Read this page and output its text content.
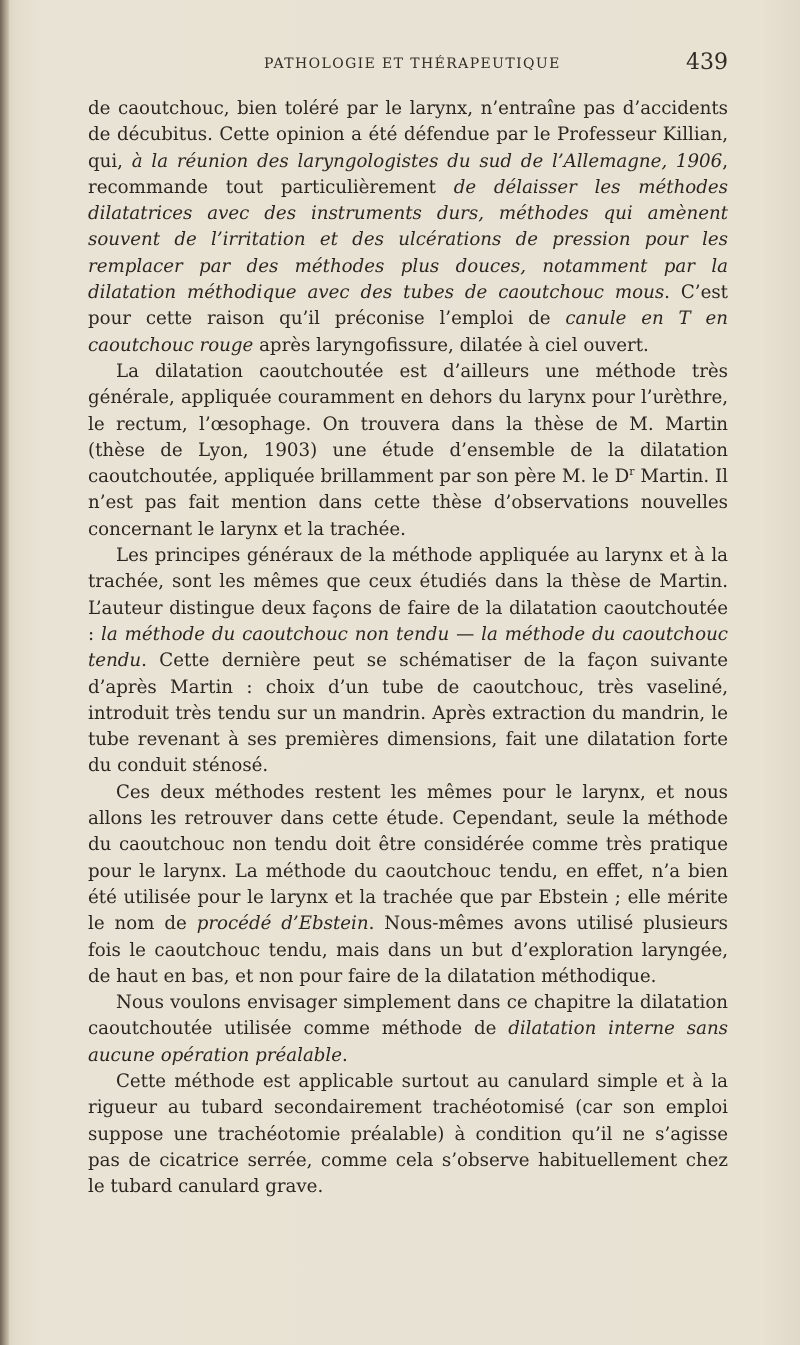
PATHOLOGIE ET THÉRAPEUTIQUE	439

de caoutchouc, bien toléré par le larynx, n’entraîne pas d’accidents de décubitus. Cette opinion a été défendue par le Professeur Killian, qui, à la réunion des laryngologistes du sud de l’Allemagne, 1906, recommande tout particulièrement de délaisser les méthodes dilatatrices avec des instruments durs, méthodes qui amènent souvent de l’irritation et des ulcérations de pression pour les remplacer par des méthodes plus douces, notamment par la dilatation méthodique avec des tubes de caoutchouc mous. C’est pour cette raison qu’il préconise l’emploi de canule en T en caoutchouc rouge après laryngofissure, dilatée à ciel ouvert.

La dilatation caoutchoutée est d’ailleurs une méthode très générale, appliquée couramment en dehors du larynx pour l’urèthre, le rectum, l’œsophage. On trouvera dans la thèse de M. Martin (thèse de Lyon, 1903) une étude d’ensemble de la dilatation caoutchoutée, appliquée brillamment par son père M. le $D^r$ Martin. Il n’est pas fait mention dans cette thèse d’observations nouvelles concernant le larynx et la trachée.

Les principes généraux de la méthode appliquée au larynx et à la trachée, sont les mêmes que ceux étudiés dans la thèse de Martin. L’auteur distingue deux façons de faire de la dilatation caoutchoutée : la méthode du caoutchouc non tendu — la méthode du caoutchouc tendu. Cette dernière peut se schématiser de la façon suivante d’après Martin : choix d’un tube de caoutchouc, très vaseliné, introduit très tendu sur un mandrin. Après extraction du mandrin, le tube revenant à ses premières dimensions, fait une dilatation forte du conduit sténosé.

Ces deux méthodes restent les mêmes pour le larynx, et nous allons les retrouver dans cette étude. Cependant, seule la méthode du caoutchouc non tendu doit être considérée comme très pratique pour le larynx. La méthode du caoutchouc tendu, en effet, n’a bien été utilisée pour le larynx et la trachée que par Ebstein ; elle mérite le nom de procédé d’Ebstein. Nous-mêmes avons utilisé plusieurs fois le caoutchouc tendu, mais dans un but d’exploration laryngée, de haut en bas, et non pour faire de la dilatation méthodique.

Nous voulons envisager simplement dans ce chapitre la dilatation caoutchoutée utilisée comme méthode de dilatation interne sans aucune opération préalable.

Cette méthode est applicable surtout au canulard simple et à la rigueur au tubard secondairement trachéotomisé (car son emploi suppose une trachéotomie préalable) à condition qu’il ne s’agisse pas de cicatrice serrée, comme cela s’observe habituellement chez le tubard canulard grave.
